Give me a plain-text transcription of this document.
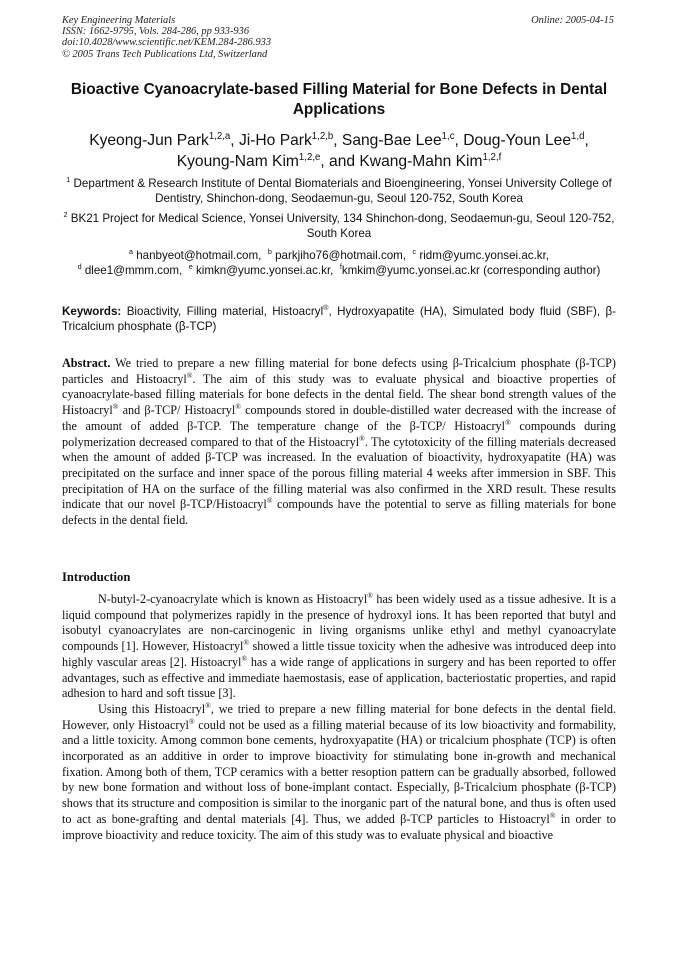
Key Engineering Materials
ISSN: 1662-9795, Vols. 284-286, pp 933-936
doi:10.4028/www.scientific.net/KEM.284-286.933
© 2005 Trans Tech Publications Ltd, Switzerland
Online: 2005-04-15
Bioactive Cyanoacrylate-based Filling Material for Bone Defects in Dental Applications
Kyeong-Jun Park$^{1,2,a}$, Ji-Ho Park$^{1,2,b}$, Sang-Bae Lee$^{1,c}$, Doug-Youn Lee$^{1,d}$,
Kyoung-Nam Kim$^{1,2,e}$, and Kwang-Mahn Kim$^{1,2,f}$
$^1$ Department & Research Institute of Dental Biomaterials and Bioengineering, Yonsei University College of Dentistry, Shinchon-dong, Seodaemun-gu, Seoul 120-752, South Korea
$^2$ BK21 Project for Medical Science, Yonsei University, 134 Shinchon-dong, Seodaemun-gu, Seoul 120-752, South Korea
$^a$ hanbyeot@hotmail.com, $^b$ parkjiho76@hotmail.com, $^c$ ridm@yumc.yonsei.ac.kr,
$^d$ dlee1@mmm.com, $^e$ kimkn@yumc.yonsei.ac.kr, $^f$kmkim@yumc.yonsei.ac.kr (corresponding author)
Keywords: Bioactivity, Filling material, Histoacryl®, Hydroxyapatite (HA), Simulated body fluid (SBF), β-Tricalcium phosphate (β-TCP)

Abstract. We tried to prepare a new filling material for bone defects using β-Tricalcium phosphate (β-TCP) particles and Histoacryl®. The aim of this study was to evaluate physical and bioactive properties of cyanoacrylate-based filling materials for bone defects in the dental field. The shear bond strength values of the Histoacryl® and β-TCP/ Histoacryl® compounds stored in double-distilled water decreased with the increase of the amount of added β-TCP. The temperature change of the β-TCP/ Histoacryl® compounds during polymerization decreased compared to that of the Histoacryl®. The cytotoxicity of the filling materials decreased when the amount of added β-TCP was increased. In the evaluation of bioactivity, hydroxyapatite (HA) was precipitated on the surface and inner space of the porous filling material 4 weeks after immersion in SBF. This precipitation of HA on the surface of the filling material was also confirmed in the XRD result. These results indicate that our novel β-TCP/Histoacryl® compounds have the potential to serve as filling materials for bone defects in the dental field.

Introduction

N-butyl-2-cyanoacrylate which is known as Histoacryl® has been widely used as a tissue adhesive. It is a liquid compound that polymerizes rapidly in the presence of hydroxyl ions. It has been reported that butyl and isobutyl cyanoacrylates are non-carcinogenic in living organisms unlike ethyl and methyl cyanoacrylate compounds [1]. However, Histoacryl® showed a little tissue toxicity when the adhesive was introduced deep into highly vascular areas [2]. Histoacryl® has a wide range of applications in surgery and has been reported to offer advantages, such as effective and immediate haemostasis, ease of application, bacteriostatic properties, and rapid adhesion to hard and soft tissue [3].

Using this Histoacryl®, we tried to prepare a new filling material for bone defects in the dental field. However, only Histoacryl® could not be used as a filling material because of its low bioactivity and formability, and a little toxicity. Among common bone cements, hydroxyapatite (HA) or tricalcium phosphate (TCP) is often incorporated as an additive in order to improve bioactivity for stimulating bone in-growth and mechanical fixation. Among both of them, TCP ceramics with a better resoption pattern can be gradually absorbed, followed by new bone formation and without loss of bone-implant contact. Especially, β-Tricalcium phosphate (β-TCP) shows that its structure and composition is similar to the inorganic part of the natural bone, and thus is often used to act as bone-grafting and dental materials [4]. Thus, we added β-TCP particles to Histoacryl® in order to improve bioactivity and reduce toxicity. The aim of this study was to evaluate physical and bioactive
